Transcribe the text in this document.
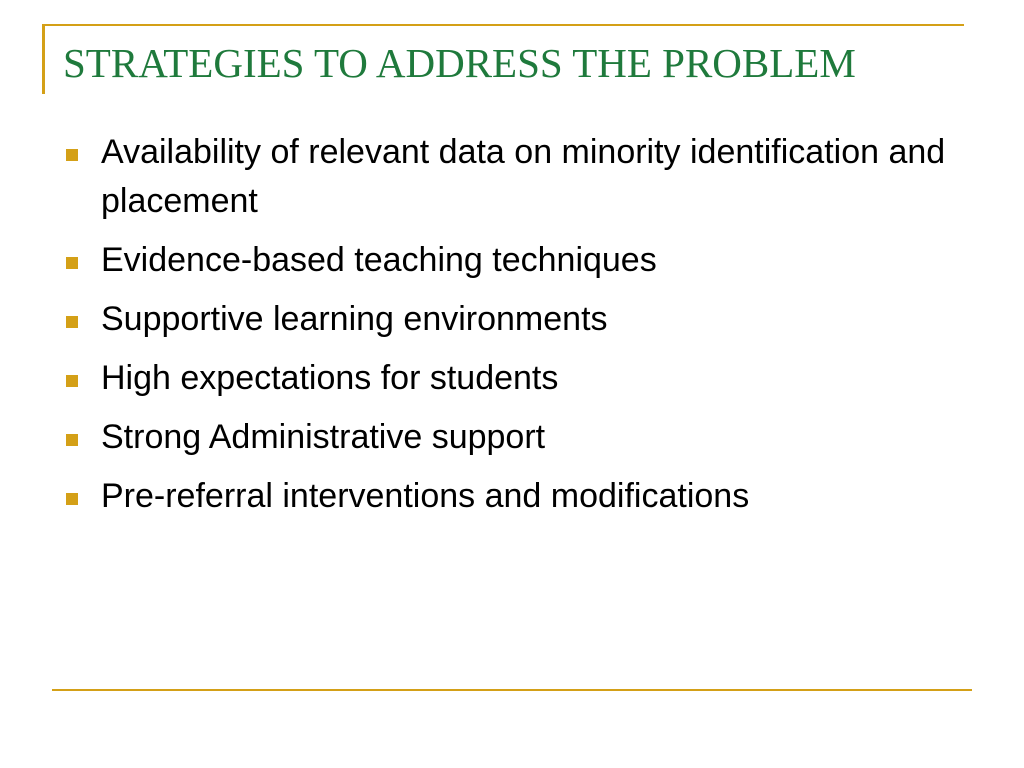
STRATEGIES TO ADDRESS THE PROBLEM
Availability of relevant data on minority identification and placement
Evidence-based teaching techniques
Supportive learning environments
High expectations for students
Strong Administrative support
Pre-referral interventions and modifications
